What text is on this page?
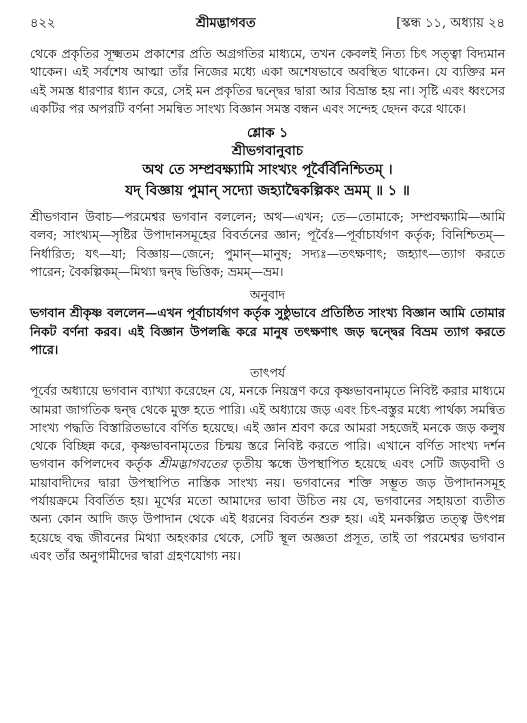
৪২২	শ্রীমদ্ভাগবত	[স্কন্ধ ১১, অধ্যায় ২৪

থেকে প্রকৃতির সূক্ষ্মতম প্রকাশের প্রতি অগ্রগতির মাধ্যমে, তখন কেবলই নিত্য চিৎ সত্ত্বা বিদ্যমান থাকেন। এই সর্বশেষ আত্মা তাঁর নিজের মধ্যে একা অশেষভাবে অবস্থিত থাকেন। যে ব্যক্তির মন এই সমস্ত ধারণার ধ্যান করে, সেই মন প্রকৃতির দ্বন্দ্বের দ্বারা আর বিভ্রান্ত হয় না। সৃষ্টি এবং ধ্বংসের একটির পর অপরটি বর্ণনা সমন্বিত সাংখ্য বিজ্ঞান সমস্ত বন্ধন এবং সন্দেহ ছেদন করে থাকে।

শ্লোক ১
শ্রীভগবানুবাচ
অথ তে সম্প্রবক্ষ্যামি সাংখ্যং পূর্বৈর্বিনিশ্চিতম্ ।
যদ্ বিজ্ঞায় পুমান্ সদ্যো জহ্যাদ্বৈকল্পিকং ভ্রমম্ ॥ ১ ॥

শ্রীভগবান উবাচ—পরমেশ্বর ভগবান বললেন; অথ—এখন; তে—তোমাকে; সম্প্রবক্ষ্যামি—আমি বলব; সাংখ্যম্—সৃষ্টির উপাদানসমূহের বিবর্তনের জ্ঞান; পূর্বৈঃ—পূর্বাচার্যগণ কর্তৃক; বিনিশ্চিতম্—নির্ধারিত; যৎ—যা; বিজ্ঞায়—জেনে; পুমান্—মানুষ; সদ্যঃ—তৎক্ষণাৎ; জহ্যাৎ—ত্যাগ করতে পারেন; বৈকল্পিকম্—মিথ্যা দ্বন্দ্ব ভিত্তিক; ভ্রমম্—ভ্রম।

অনুবাদ

ভগবান শ্রীকৃষ্ণ বললেন—এখন পূর্বাচার্যগণ কর্তৃক সুষ্ঠুভাবে প্রতিষ্ঠিত সাংখ্য বিজ্ঞান আমি তোমার নিকট বর্ণনা করব। এই বিজ্ঞান উপলব্ধি করে মানুষ তৎক্ষণাৎ জড় দ্বন্দ্বের বিভ্রম ত্যাগ করতে পারে।

তাৎপর্য

পূর্বের অধ্যায়ে ভগবান ব্যাখ্যা করেছেন যে, মনকে নিয়ন্ত্রণ করে কৃষ্ণভাবনামৃতে নিবিষ্ট করার মাধ্যমে আমরা জাগতিক দ্বন্দ্ব থেকে মুক্ত হতে পারি। এই অধ্যায়ে জড় এবং চিৎ-বস্তুর মধ্যে পার্থক্য সমন্বিত সাংখ্য পদ্ধতি বিস্তারিতভাবে বর্ণিত হয়েছে। এই জ্ঞান শ্রবণ করে আমরা সহজেই মনকে জড় কলুষ থেকে বিচ্ছিন্ন করে, কৃষ্ণভাবনামৃতের চিন্ময় স্তরে নিবিষ্ট করতে পারি। এখানে বর্ণিত সাংখ্য দর্শন ভগবান কপিলদেব কর্তৃক শ্রীমদ্ভাগবতের তৃতীয় স্কন্ধে উপস্থাপিত হয়েছে এবং সেটি জড়বাদী ও মায়াবাদীদের দ্বারা উপস্থাপিত নাস্তিক সাংখ্য নয়। ভগবানের শক্তি সম্ভূত জড় উপাদানসমূহ পর্যায়ক্রমে বিবর্তিত হয়। মূর্খের মতো আমাদের ভাবা উচিত নয় যে, ভগবানের সহায়তা ব্যতীত অন্য কোন আদি জড় উপাদান থেকে এই ধরনের বিবর্তন শুরু হয়। এই মনকল্পিত তত্ত্ব উৎপন্ন হয়েছে বদ্ধ জীবনের মিথ্যা অহংকার থেকে, সেটি স্থূল অজ্ঞতা প্রসূত, তাই তা পরমেশ্বর ভগবান এবং তাঁর অনুগামীদের দ্বারা গ্রহণযোগ্য নয়।
